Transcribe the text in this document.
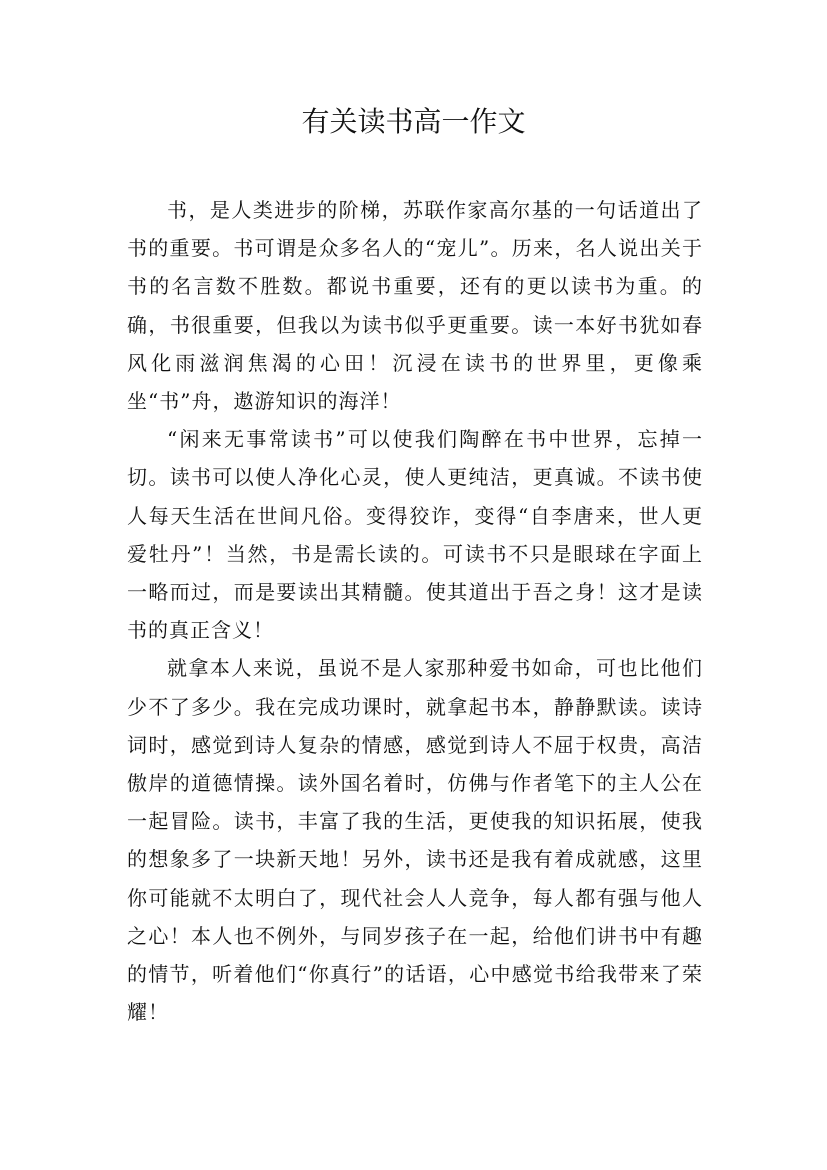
有关读书高一作文

书，是人类进步的阶梯，苏联作家高尔基的一句话道出了书的重要。书可谓是众多名人的“宠儿”。历来，名人说出关于书的名言数不胜数。都说书重要，还有的更以读书为重。的确，书很重要，但我以为读书似乎更重要。读一本好书犹如春风化雨滋润焦渴的心田！沉浸在读书的世界里，更像乘坐“书”舟，遨游知识的海洋！

“闲来无事常读书”可以使我们陶醉在书中世界，忘掉一切。读书可以使人净化心灵，使人更纯洁，更真诚。不读书使人每天生活在世间凡俗。变得狡诈，变得“自李唐来，世人更爱牡丹”！当然，书是需长读的。可读书不只是眼球在字面上一略而过，而是要读出其精髓。使其道出于吾之身！这才是读书的真正含义！

就拿本人来说，虽说不是人家那种爱书如命，可也比他们少不了多少。我在完成功课时，就拿起书本，静静默读。读诗词时，感觉到诗人复杂的情感，感觉到诗人不屈于权贵，高洁傲岸的道德情操。读外国名着时，仿佛与作者笔下的主人公在一起冒险。读书，丰富了我的生活，更使我的知识拓展，使我的想象多了一块新天地！另外，读书还是我有着成就感，这里你可能就不太明白了，现代社会人人竞争，每人都有强与他人之心！本人也不例外，与同岁孩子在一起，给他们讲书中有趣的情节，听着他们“你真行”的话语，心中感觉书给我带来了荣耀！
